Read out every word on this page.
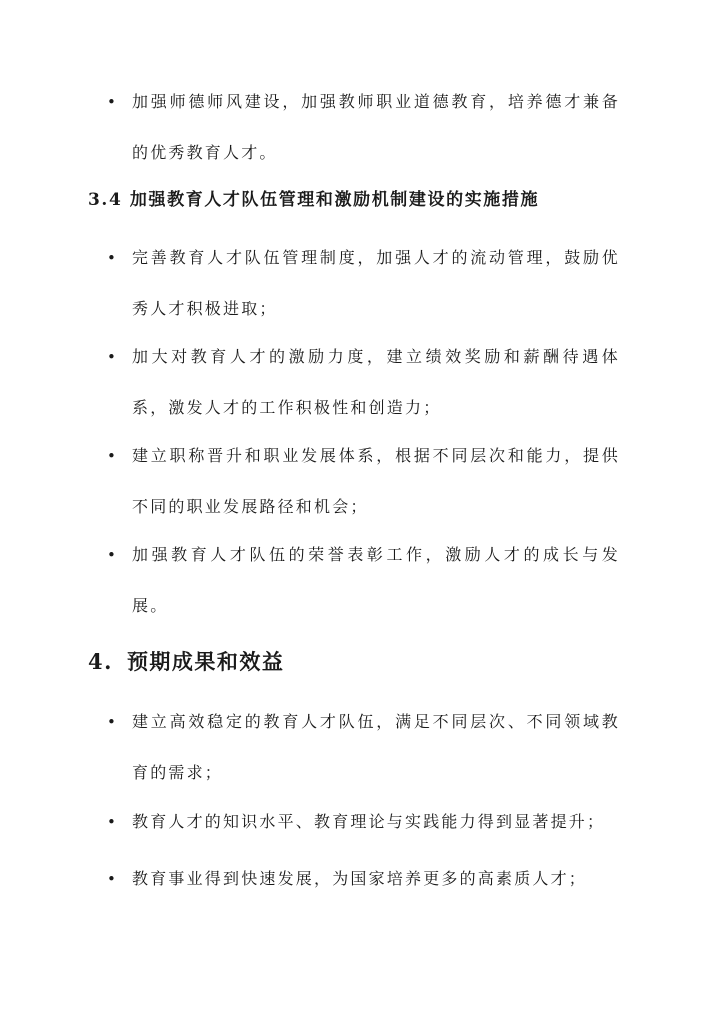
• 加强师德师风建设，加强教师职业道德教育，培养德才兼备的优秀教育人才。
3.4 加强教育人才队伍管理和激励机制建设的实施措施
• 完善教育人才队伍管理制度，加强人才的流动管理，鼓励优秀人才积极进取；
• 加大对教育人才的激励力度，建立绩效奖励和薪酬待遇体系，激发人才的工作积极性和创造力；
• 建立职称晋升和职业发展体系，根据不同层次和能力，提供不同的职业发展路径和机会；
• 加强教育人才队伍的荣誉表彰工作，激励人才的成长与发展。
4. 预期成果和效益
• 建立高效稳定的教育人才队伍，满足不同层次、不同领域教育的需求；
• 教育人才的知识水平、教育理论与实践能力得到显著提升；
• 教育事业得到快速发展，为国家培养更多的高素质人才；
